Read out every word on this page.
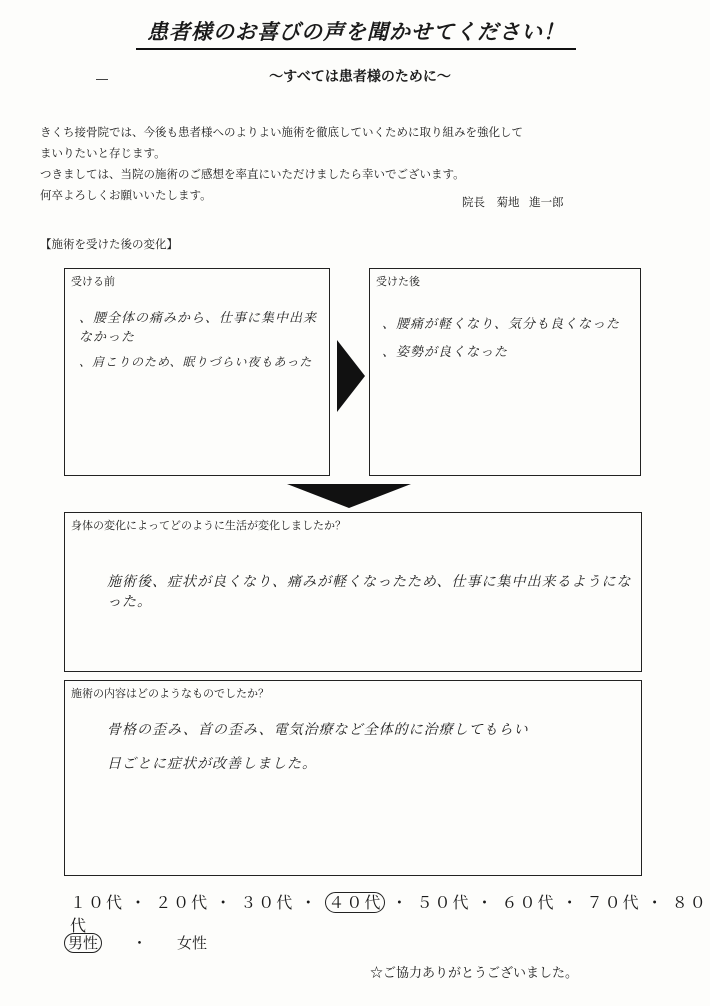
患者様のお喜びの声を聞かせてください！
～すべては患者様のために～

きくち接骨院では、今後も患者様へのよりよい施術を徹底していくために取り組みを強化して

まいりたいと存じます。

つきましては、当院の施術のご感想を率直にいただけましたら幸いでございます。

何卒よろしくお願いいたします。	院長　菊地 進一郎
【施術を受けた後の変化】
受ける前
、腰全体の痛みから、仕事に集中出来なかった
、肩こりのため、眠りづらい夜もあった
受けた後
、腰痛が軽くなり、気分も良くなった
、姿勢が良くなった
身体の変化によってどのように生活が変化しましたか？
施術後、症状が良くなり、痛みが軽くなったため、仕事に集中出来るようになった。
施術の内容はどのようなものでしたか？
骨格の歪み、首の歪み、電気治療など全体的に治療してもらい
日ごとに症状が改善しました。
１０代 ・ ２０代 ・ ３０代 ・ ４０代 ・ ５０代 ・ ６０代 ・ ７０代 ・ ８０代
男性 ・ 女性
☆ご協力ありがとうございました。
